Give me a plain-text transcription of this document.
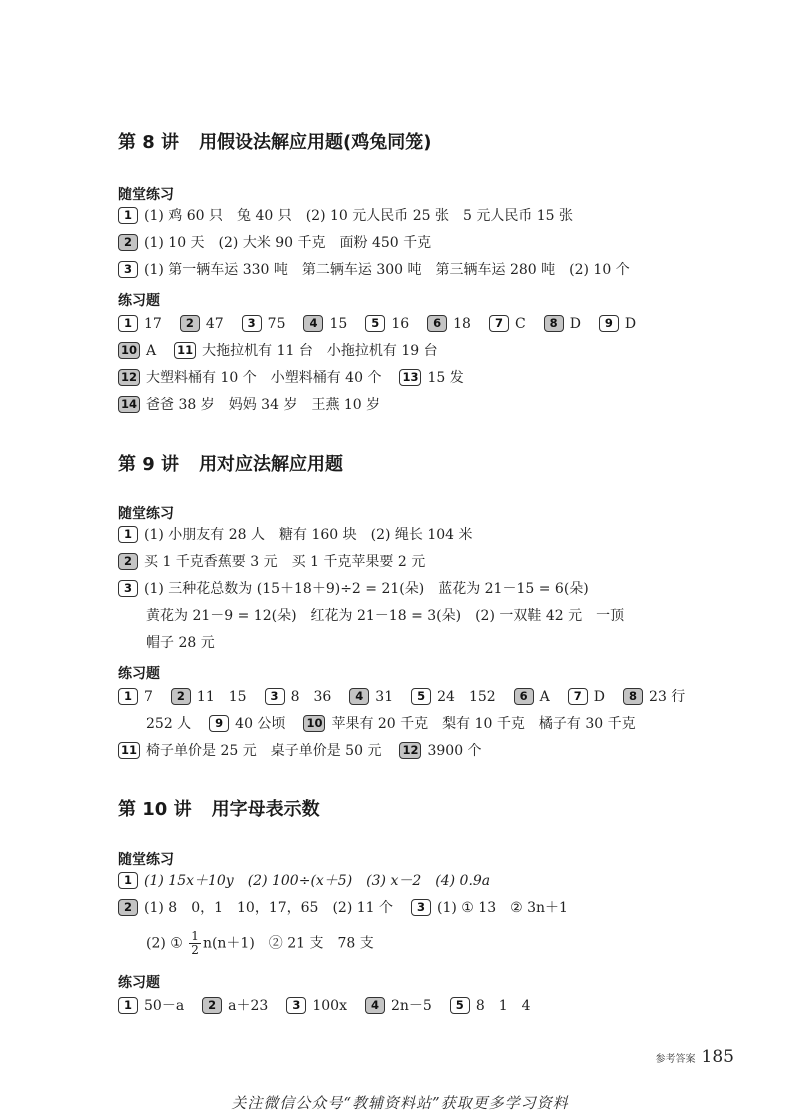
第 8 讲 用假设法解应用题(鸡兔同笼)
随堂练习
1 (1) 鸡 60 只　兔 40 只　(2) 10 元人民币 25 张　5 元人民币 15 张
2 (1) 10 天　(2) 大米 90 千克　面粉 450 千克
3 (1) 第一辆车运 330 吨　第二辆车运 300 吨　第三辆车运 280 吨　(2) 10 个
练习题
1 17 2 47 3 75 4 15 5 16 6 18 7 C 8 D 9 D
10 A 11 大拖拉机有 11 台　小拖拉机有 19 台
12 大塑料桶有 10 个　小塑料桶有 40 个 13 15 发
14 爸爸 38 岁　妈妈 34 岁　王燕 10 岁
第 9 讲 用对应法解应用题
随堂练习
1 (1) 小朋友有 28 人　糖有 160 块　(2) 绳长 104 米
2 买 1 千克香蕉要 3 元　买 1 千克苹果要 2 元
3 (1) 三种花总数为 (15＋18＋9)÷2 = 21(朵)　蓝花为 21－15 = 6(朵)
黄花为 21－9 = 12(朵)　红花为 21－18 = 3(朵)　(2) 一双鞋 42 元　一顶
帽子 28 元
练习题
1 7 2 11　15 3 8　36 4 31 5 24　152 6 A 7 D 8 23 行
252 人 9 40 公顷 10 苹果有 20 千克　梨有 10 千克　橘子有 30 千克
11 椅子单价是 25 元　桌子单价是 50 元 12 3900 个
第 10 讲 用字母表示数
随堂练习
1 (1) 15x＋10y　(2) 100÷(x＋5)　(3) x－2　(4) 0.9a
2 (1) 8　0，1　10，17，65　(2) 11 个 3 (1) ① 13　② 3n＋1
(2) ① $\frac{1}{2} n(n+1)$　② 21 支　78 支
练习题
1 50－a 2 a＋23 3 100x 4 2n－5 5 8　1　4
参考答案 185
关注微信公众号“教辅资料站”获取更多学习资料
